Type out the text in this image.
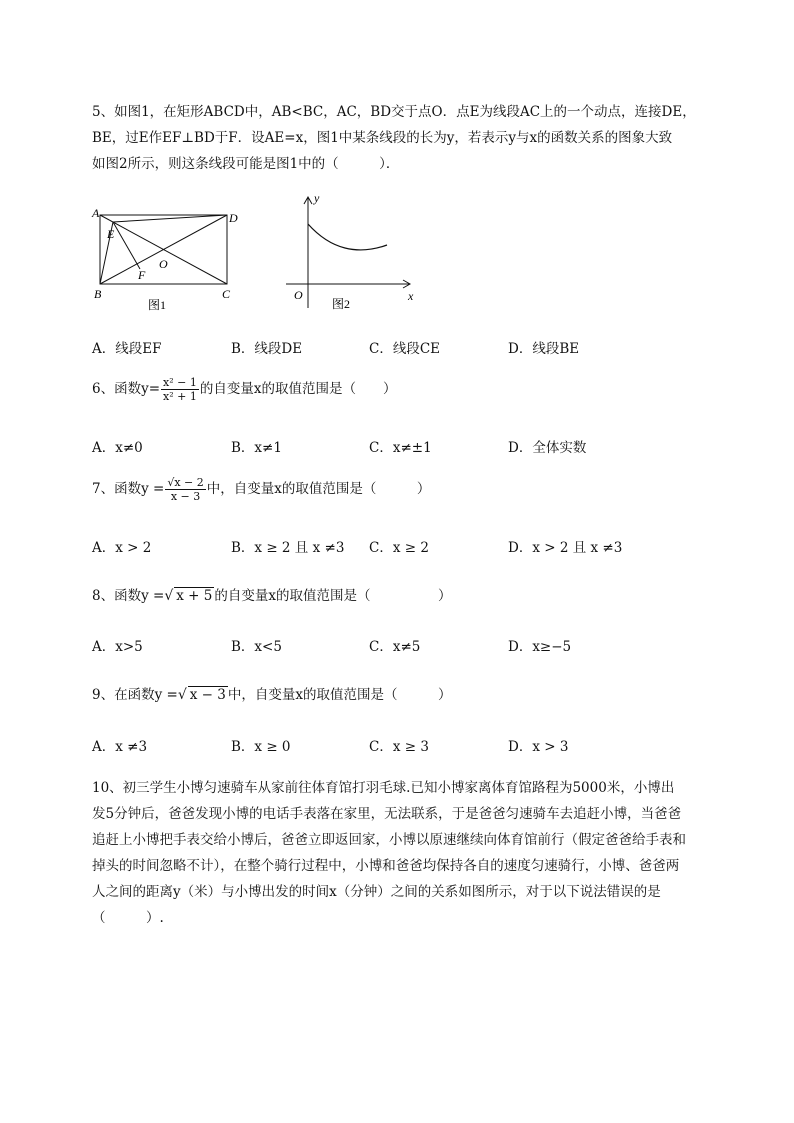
5、如图1，在矩形ABCD中，AB<BC，AC，BD交于点O．点E为线段AC上的一个动点，连接DE，
BE，过E作EF⊥BD于F．设AE=x，图1中某条线段的长为y，若表示y与x的函数关系的图象大致
如图2所示，则这条线段可能是图1中的（　　　）．
A
E
F
O
D
B	C
图1
y
x
O
图2
A．线段EF	B．线段DE	C．线段CE	D．线段BE
6、函数$y= \frac{\text{x² − 1}}{\text{x² + 1}}$ 的自变量x的取值范围是（　　）
A．x≠0	B．x≠1	C．x≠±1	D．全体实数
7、函数$y = \frac{√x - 2}{x - 3}$ 中，自变量x的取值范围是（　　　）
A．x > 2	B．x ≥ 2 且 x ≠3 C．x ≥ 2	D．x > 2 且 x ≠3
8、函数y =√ x + 5 的自变量x的取值范围是（　　　　　）
A．x>5	B．x<5	C．x≠5	D．x≥−5
9、在函数y =√ x − 3 中，自变量x的取值范围是（　　　）
A．x ≠3	B．x ≥ 0	C．x ≥ 3	D．x > 3
10、初三学生小博匀速骑车从家前往体育馆打羽毛球.已知小博家离体育馆路程为5000米，小博出
发5分钟后，爸爸发现小博的电话手表落在家里，无法联系，于是爸爸匀速骑车去追赶小博，当爸爸
追赶上小博把手表交给小博后，爸爸立即返回家，小博以原速继续向体育馆前行（假定爸爸给手表和
掉头的时间忽略不计），在整个骑行过程中，小博和爸爸均保持各自的速度匀速骑行，小博、爸爸两
人之间的距离y（米）与小博出发的时间x（分钟）之间的关系如图所示，对于以下说法错误的是
（　　　）.
